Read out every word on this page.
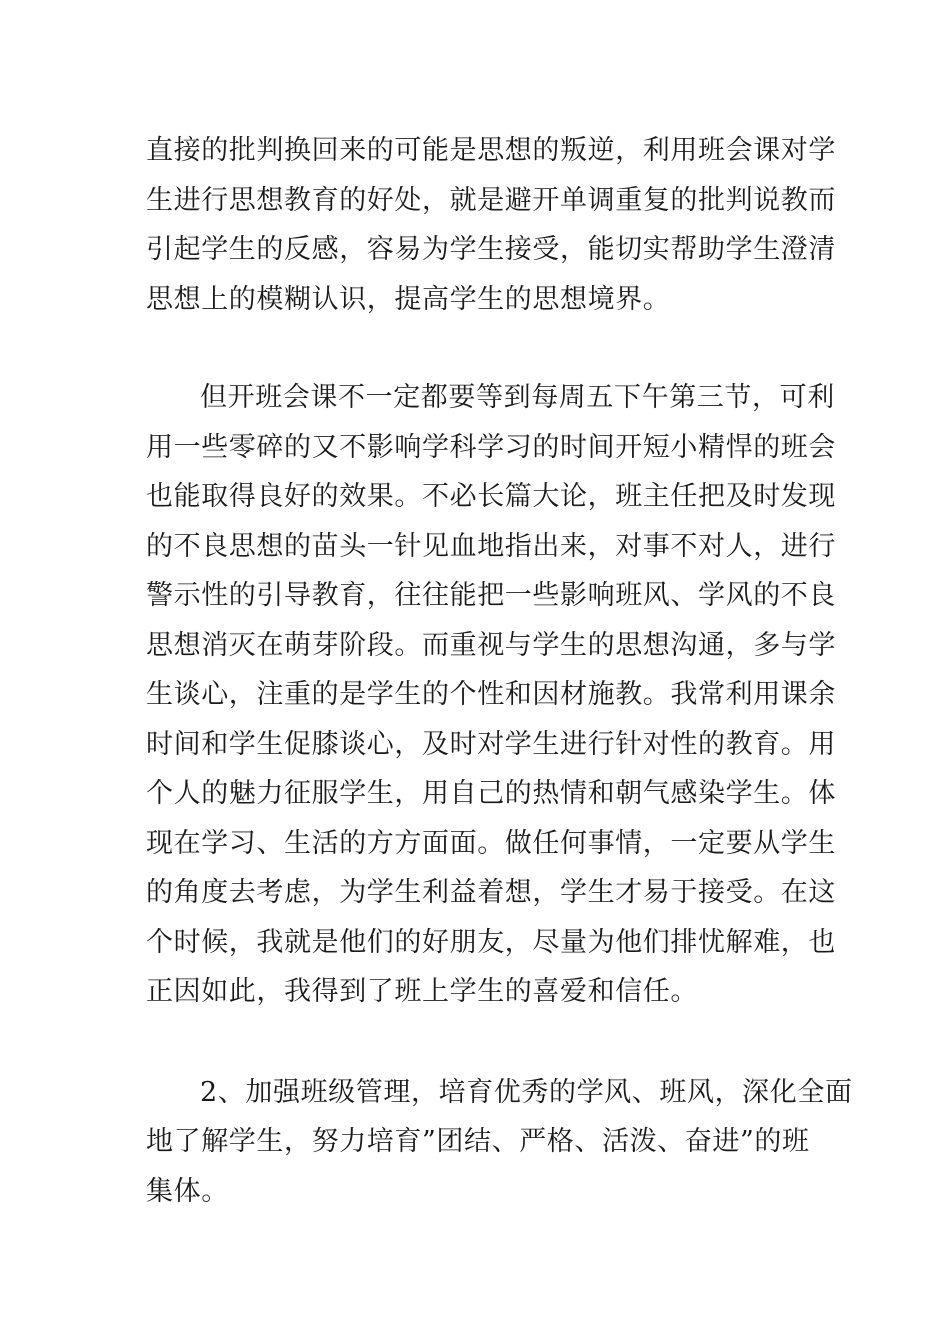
直接的批判换回来的可能是思想的叛逆，利用班会课对学
生进行思想教育的好处，就是避开单调重复的批判说教而
引起学生的反感，容易为学生接受，能切实帮助学生澄清
思想上的模糊认识，提高学生的思想境界。
但开班会课不一定都要等到每周五下午第三节，可利
用一些零碎的又不影响学科学习的时间开短小精悍的班会
也能取得良好的效果。不必长篇大论，班主任把及时发现
的不良思想的苗头一针见血地指出来，对事不对人，进行
警示性的引导教育，往往能把一些影响班风、学风的不良
思想消灭在萌芽阶段。而重视与学生的思想沟通，多与学
生谈心，注重的是学生的个性和因材施教。我常利用课余
时间和学生促膝谈心，及时对学生进行针对性的教育。用
个人的魅力征服学生，用自己的热情和朝气感染学生。体
现在学习、生活的方方面面。做任何事情，一定要从学生
的角度去考虑，为学生利益着想，学生才易于接受。在这
个时候，我就是他们的好朋友，尽量为他们排忧解难，也
正因如此，我得到了班上学生的喜爱和信任。
2、加强班级管理，培育优秀的学风、班风，深化全面
地了解学生，努力培育”团结、严格、活泼、奋进”的班
集体。
